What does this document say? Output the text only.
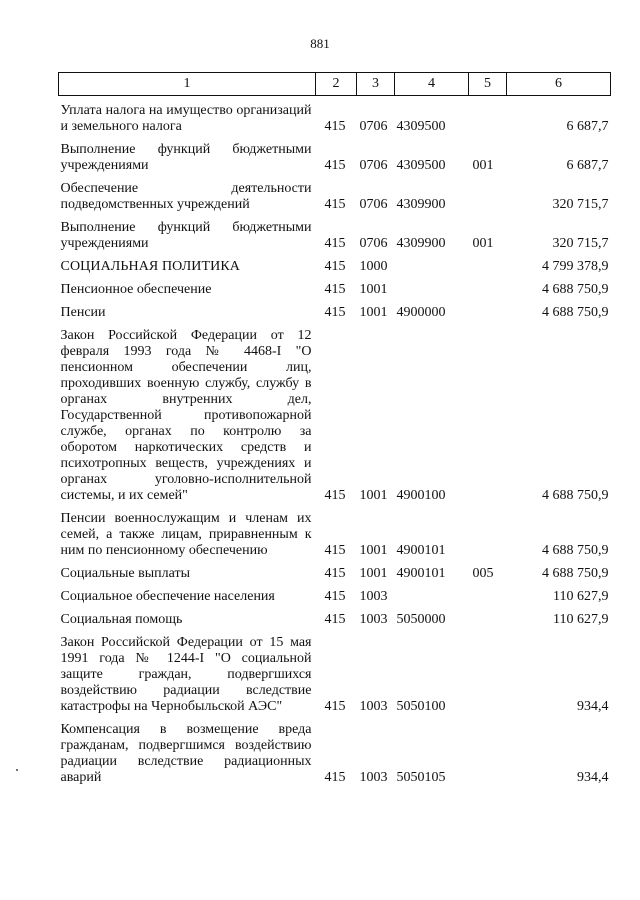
881
1	2	3	4	5	6
Уплата налога на имущество организаций и земельного налога	415	0706	4309500		6 687,7
Выполнение функций бюджетными учреждениями	415	0706	4309500	001	6 687,7
Обеспечение деятельности подведомственных учреждений	415	0706	4309900		320 715,7
Выполнение функций бюджетными учреждениями	415	0706	4309900	001	320 715,7
СОЦИАЛЬНАЯ ПОЛИТИКА	415	1000			4 799 378,9
Пенсионное обеспечение	415	1001			4 688 750,9
Пенсии	415	1001	4900000		4 688 750,9
Закон Российской Федерации от 12 февраля 1993 года № 4468-I "О пенсионном обеспечении лиц, проходивших военную службу, службу в органах внутренних дел, Государственной противопожарной службе, органах по контролю за оборотом наркотических средств и психотропных веществ, учреждениях и органах уголовно-исполнительной системы, и их семей"	415	1001	4900100		4 688 750,9
Пенсии военнослужащим и членам их семей, а также лицам, приравненным к ним по пенсионному обеспечению	415	1001	4900101		4 688 750,9
Социальные выплаты	415	1001	4900101	005	4 688 750,9
Социальное обеспечение населения	415	1003			110 627,9
Социальная помощь	415	1003	5050000		110 627,9
Закон Российской Федерации от 15 мая 1991 года № 1244-I "О социальной защите граждан, подвергшихся воздействию радиации вследствие катастрофы на Чернобыльской АЭС"	415	1003	5050100		934,4
Компенсация в возмещение вреда гражданам, подвергшимся воздействию радиации вследствие радиационных аварий	415	1003	5050105		934,4
